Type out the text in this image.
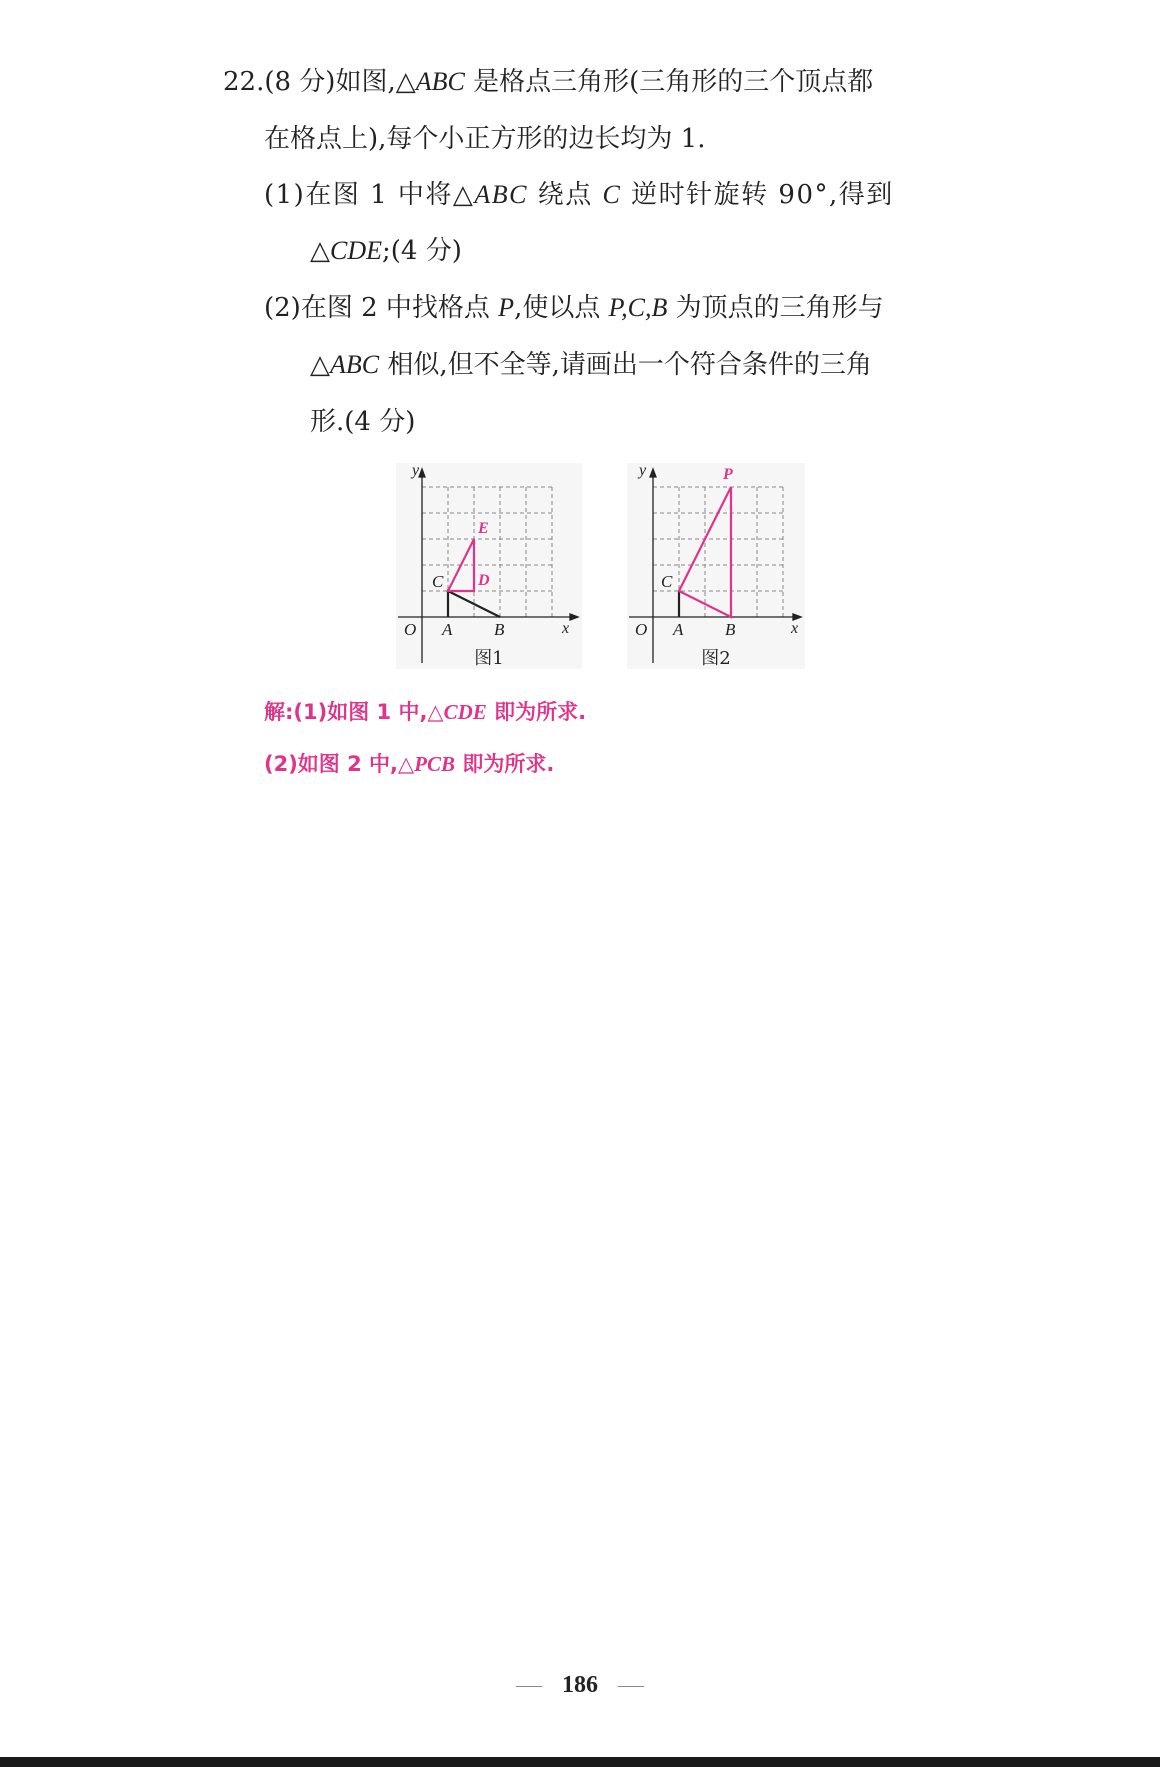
22.(8 分)如图,△ABC 是格点三角形(三角形的三个顶点都
在格点上),每个小正方形的边长均为 1.
(1)在图 1 中将△ABC 绕点 C 逆时针旋转 90°,得到
△CDE;(4 分)
(2)在图 2 中找格点 P,使以点 P,C,B 为顶点的三角形与
△ABC 相似,但不全等,请画出一个符合条件的三角
形.(4 分)
y
x
O A B
C D
E
图1
y
x
O A B
C
P
图2
解:(1)如图 1 中,△CDE 即为所求.
(2)如图 2 中,△PCB 即为所求.
186
